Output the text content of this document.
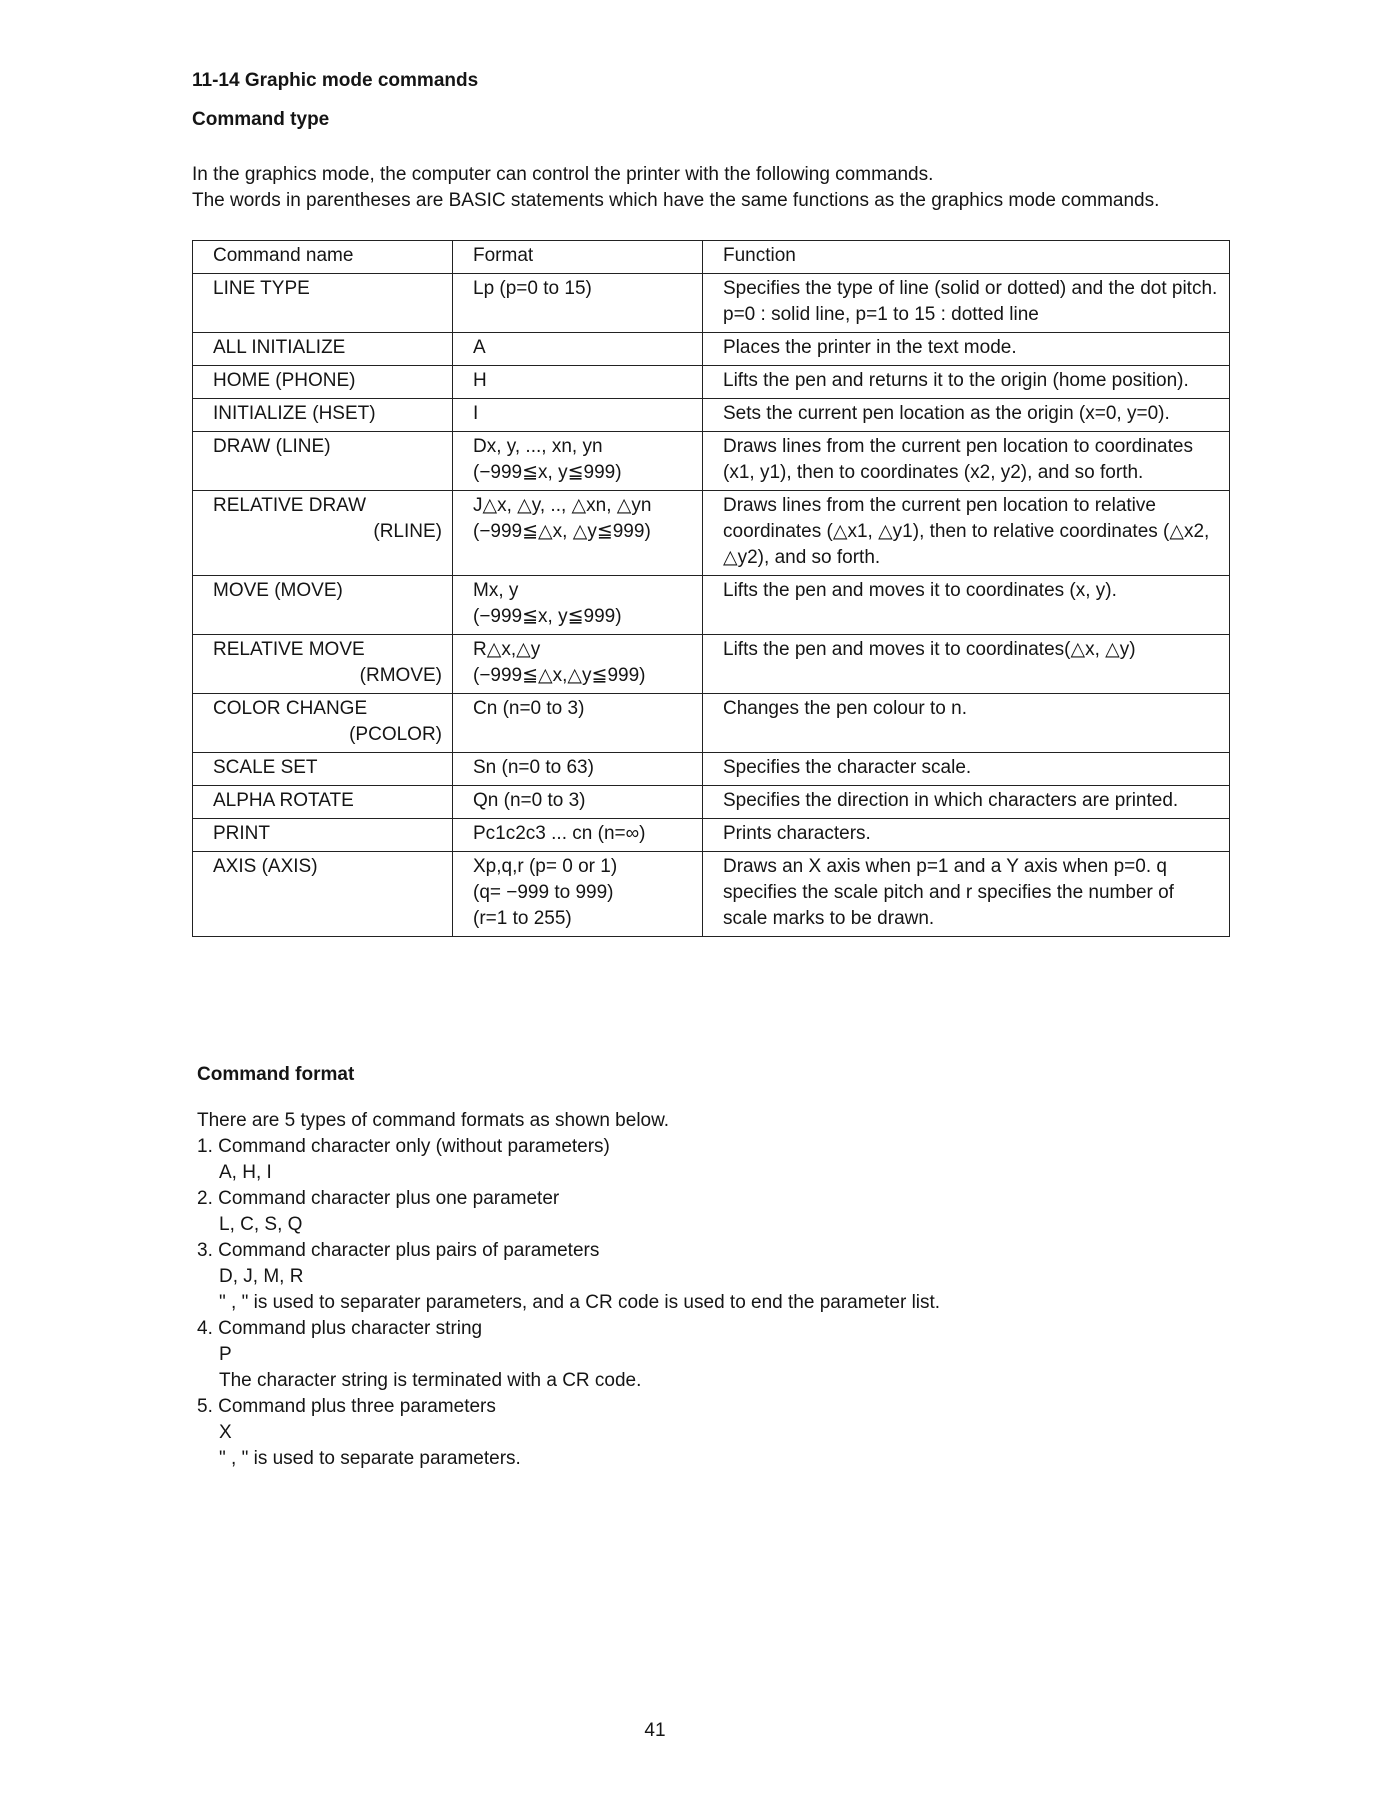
11-14 Graphic mode commands
Command type

In the graphics mode, the computer can control the printer with the following commands.

The words in parentheses are BASIC statements which have the same functions as the graphics mode commands.

Command name	Format	Function

LINE TYPE	Lp (p=0 to 15)	Specifies the type of line (solid or dotted) and the dot pitch.
p=0 : solid line, p=1 to 15 : dotted line

ALL INITIALIZE	A	Places the printer in the text mode.

HOME (PHONE)	H	Lifts the pen and returns it to the origin (home position).

INITIALIZE (HSET)	I	Sets the current pen location as the origin (x=0, y=0).

DRAW (LINE)	Dx, y, ..., xn, yn
(−999≦x, y≦999)	Draws lines from the current pen location to coordinates (x1, y1), then to coordinates (x2, y2), and so forth.

RELATIVE DRAW
(RLINE)	J△x, △y, .., △xn, △yn
(−999≦△x, △y≦999)	Draws lines from the current pen location to relative coordinates (△x1, △y1), then to relative coordinates (△x2, △y2), and so forth.

MOVE (MOVE)	Mx, y
(−999≦x, y≦999)	Lifts the pen and moves it to coordinates (x, y).

RELATIVE MOVE
(RMOVE)	R△x,△y
(−999≦△x,△y≦999)	Lifts the pen and moves it to coordinates(△x, △y)

COLOR CHANGE
(PCOLOR)	Cn (n=0 to 3)	Changes the pen colour to n.

SCALE SET	Sn (n=0 to 63)	Specifies the character scale.

ALPHA ROTATE	Qn (n=0 to 3)	Specifies the direction in which characters are printed.

PRINT	Pc1c2c3 ... cn (n=∞)	Prints characters.

AXIS (AXIS)	Xp,q,r (p= 0 or 1)
(q= −999 to 999)
(r=1 to 255)	Draws an X axis when p=1 and a Y axis when p=0. q specifies the scale pitch and r specifies the number of scale marks to be drawn.
Command format

There are 5 types of command formats as shown below.

1. Command character only (without parameters)
A, H, I
2. Command character plus one parameter
L, C, S, Q
3. Command character plus pairs of parameters
D, J, M, R
" , " is used to separater parameters, and a CR code is used to end the parameter list.
4. Command plus character string
P
The character string is terminated with a CR code.
5. Command plus three parameters
X
" , " is used to separate parameters.
41
